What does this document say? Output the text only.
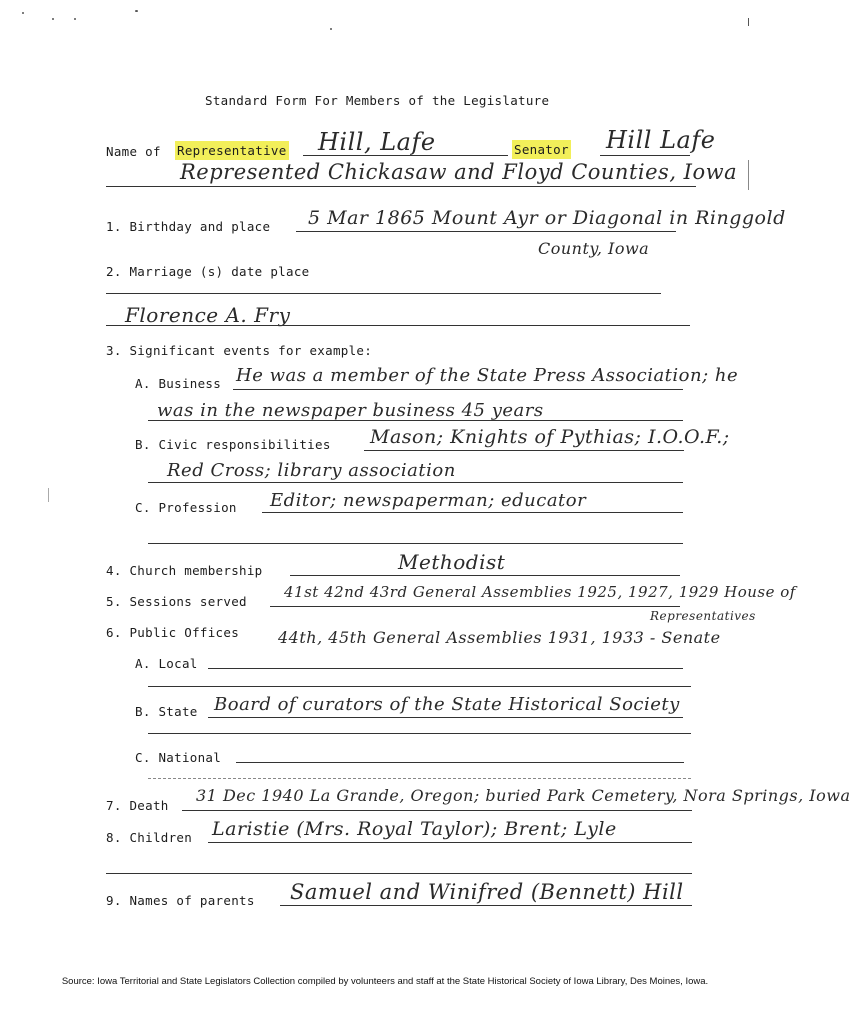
Standard Form For Members of the Legislature
Name of Representative Hill, Lafe	Senator Hill Lafe
Represented Chickasaw and Floyd Counties, Iowa
1. Birthday and place 5 Mar 1865 Mount Ayr or Diagonal in Ringgold
County, Iowa
2. Marriage (s) date place
Florence A. Fry
3. Significant events for example:
A. Business He was a member of the State Press Association; he
was in the newspaper business 45 years
B. Civic responsibilities Mason; Knights of Pythias; I.O.O.F.;
Red Cross; library association
C. Profession Editor; newspaperman; educator
4. Church membership	Methodist
5. Sessions served
41st 42nd 43rd General Assemblies 1925, 1927, 1929 House of
Representatives
6. Public Offices 44th, 45th General Assemblies 1931, 1933 - Senate
A. Local
B. State Board of curators of the State Historical Society
C. National
7. Death
31 Dec 1940 La Grande, Oregon; buried Park Cemetery, Nora Springs, Iowa
8. Children Laristie (Mrs. Royal Taylor); Brent; Lyle
9. Names of parents Samuel and Winifred (Bennett) Hill
Source: Iowa Territorial and State Legislators Collection compiled by volunteers and staff at the State Historical Society of Iowa Library, Des Moines, Iowa.
